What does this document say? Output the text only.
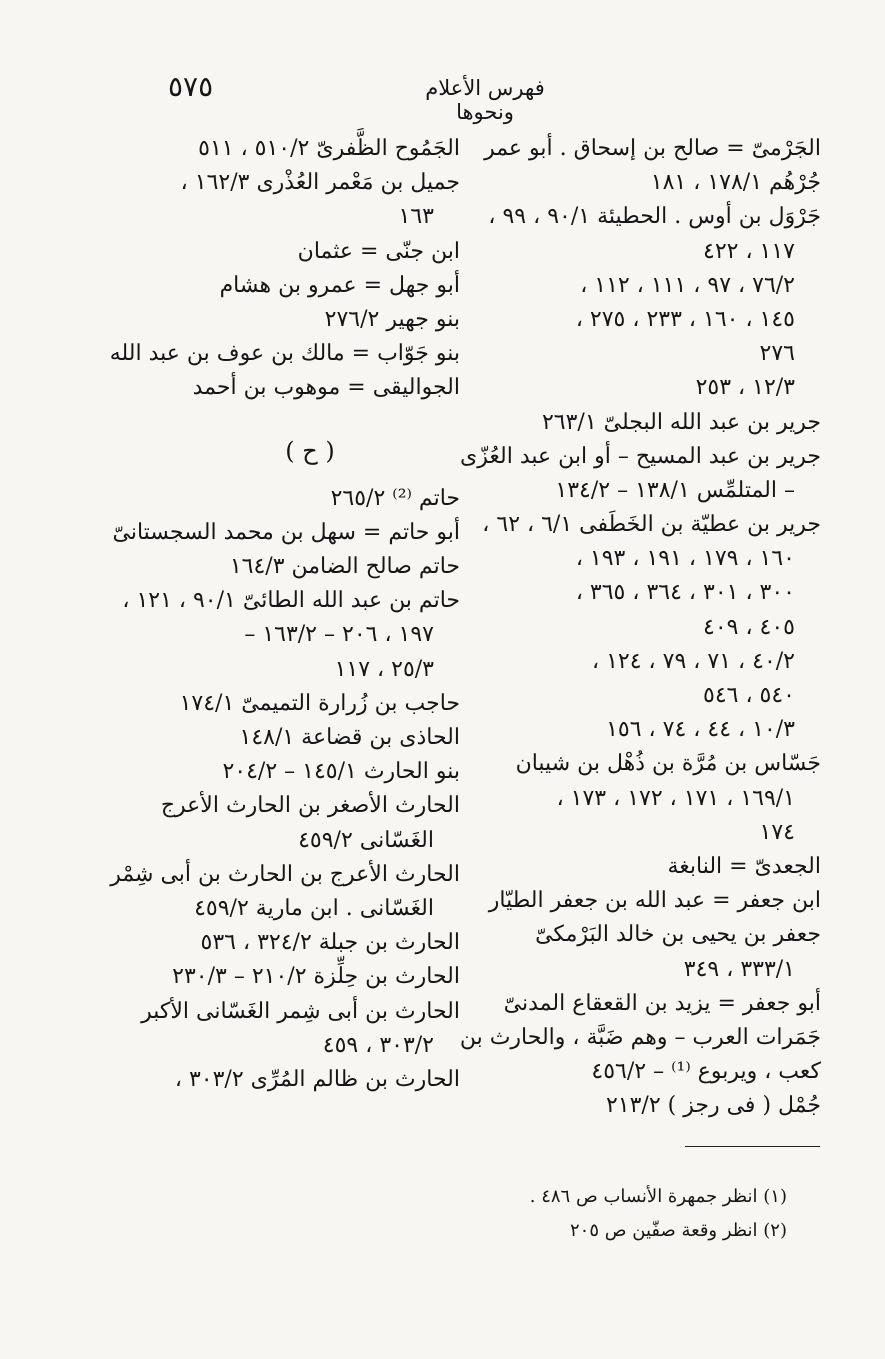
٥٧٥	فهرس الأعلام ونحوها
الجَرْمىّ = صالح بن إسحاق . أبو عمر
جُرْهُم ١٧٨/١ ، ١٨١
جَرْوَل بن أوس . الحطيئة ٩٠/١ ، ٩٩ ،
١١٧ ، ٤٢٢
٧٦/٢ ، ٩٧ ، ١١١ ، ١١٢ ،
١٤٥ ، ١٦٠ ، ٢٣٣ ، ٢٧٥ ،
٢٧٦
١٢/٣ ، ٢٥٣
جرير بن عبد الله البجلىّ ٢٦٣/١
جرير بن عبد المسيح – أو ابن عبد العُزّى
– المتلمِّس ١٣٨/١ – ١٣٤/٢
جرير بن عطيّة بن الخَطَفى ٦/١ ، ٦٢ ،
١٦٠ ، ١٧٩ ، ١٩١ ، ١٩٣ ،
٣٠٠ ، ٣٠١ ، ٣٦٤ ، ٣٦٥ ،
٤٠٥ ، ٤٠٩
٤٠/٢ ، ٧١ ، ٧٩ ، ١٢٤ ،
٥٤٠ ، ٥٤٦
١٠/٣ ، ٤٤ ، ٧٤ ، ١٥٦
جَسّاس بن مُرَّة بن ذُهْل بن شيبان
١٦٩/١ ، ١٧١ ، ١٧٢ ، ١٧٣ ،
١٧٤
الجعدىّ = النابغة
ابن جعفر = عبد الله بن جعفر الطيّار
جعفر بن يحيى بن خالد البَرْمكىّ
٣٣٣/١ ، ٣٤٩
أبو جعفر = يزيد بن القعقاع المدنىّ
جَمَرات العرب – وهم ضَبَّة ، والحارث بن
كعب ، ويربوع ⁽¹⁾ – ٤٥٦/٢
جُمْل ( فى رجز ) ٢١٣/٢
الجَمُوح الظَّفرىّ ٥١٠/٢ ، ٥١١
جميل بن مَعْمر العُذْرى ١٦٢/٣ ،
١٦٣
ابن جنّى = عثمان
أبو جهل = عمرو بن هشام
بنو جهير ٢٧٦/٢
بنو جَوّاب = مالك بن عوف بن عبد الله
الجواليقى = موهوب بن أحمد
( ح )
حاتم ⁽²⁾ ٢٦٥/٢
أبو حاتم = سهل بن محمد السجستانىّ
حاتم صالح الضامن ١٦٤/٣
حاتم بن عبد الله الطائىّ ٩٠/١ ، ١٢١ ،
١٩٧ ، ٢٠٦ – ١٦٣/٢ –
٢٥/٣ ، ١١٧
حاجب بن زُرارة التميمىّ ١٧٤/١
الحاذى بن قضاعة ١٤٨/١
بنو الحارث ١٤٥/١ – ٢٠٤/٢
الحارث الأصغر بن الحارث الأعرج
الغَسّانى ٤٥٩/٢
الحارث الأعرج بن الحارث بن أبى شِمْر
الغَسّانى . ابن مارية ٤٥٩/٢
الحارث بن جبلة ٣٢٤/٢ ، ٥٣٦
الحارث بن حِلِّزة ٢١٠/٢ – ٢٣٠/٣
الحارث بن أبى شِمر الغَسّانى الأكبر
٣٠٣/٢ ، ٤٥٩
الحارث بن ظالم المُرِّى ٣٠٣/٢ ،
(١) انظر جمهرة الأنساب ص ٤٨٦ .
(٢) انظر وقعة صفّين ص ٢٠٥
